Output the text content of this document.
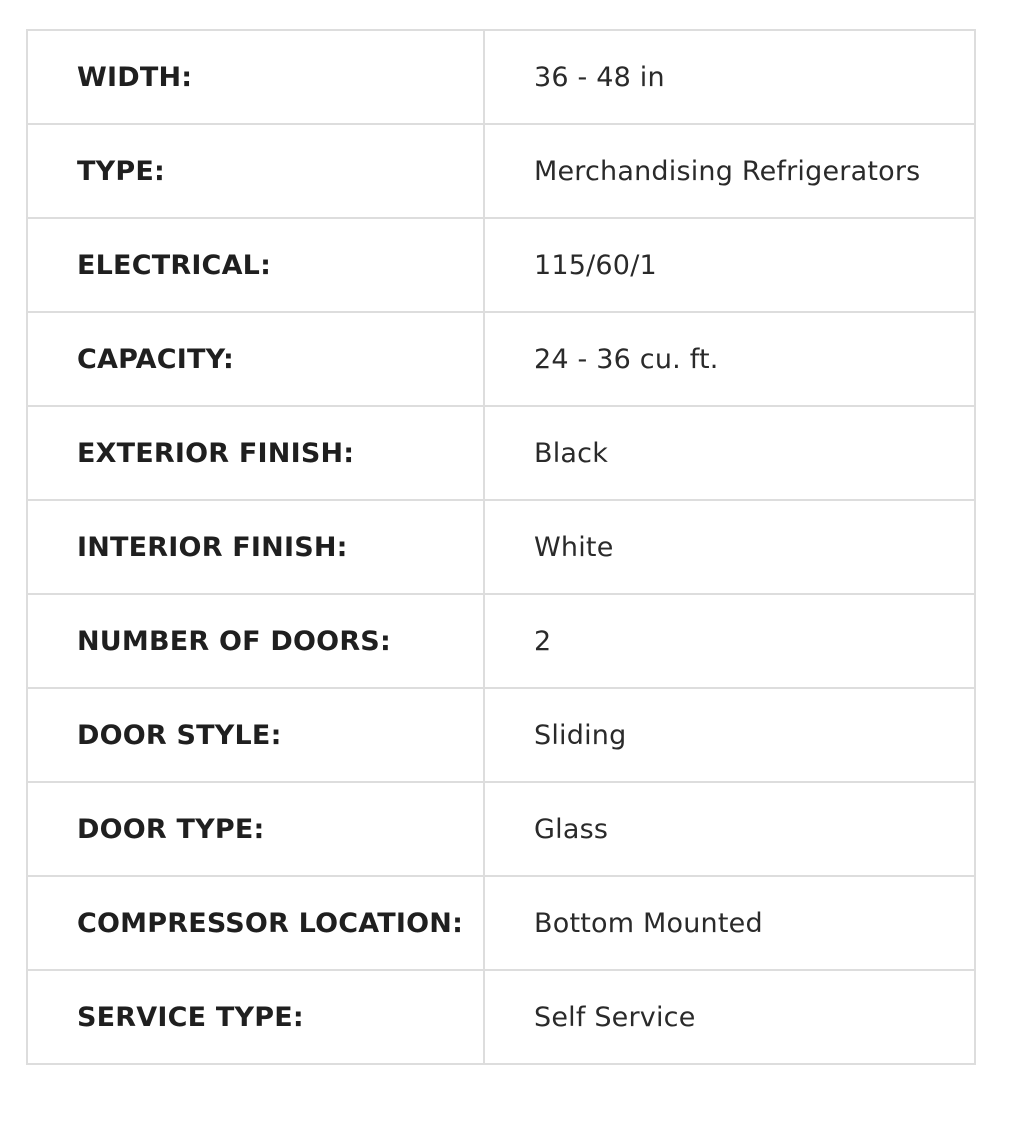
WIDTH:	36 - 48 in
TYPE:	Merchandising Refrigerators
ELECTRICAL:	115/60/1
CAPACITY:	24 - 36 cu. ft.
EXTERIOR FINISH:	Black
INTERIOR FINISH:	White
NUMBER OF DOORS:	2
DOOR STYLE:	Sliding
DOOR TYPE:	Glass
COMPRESSOR LOCATION:	Bottom Mounted
SERVICE TYPE:	Self Service
